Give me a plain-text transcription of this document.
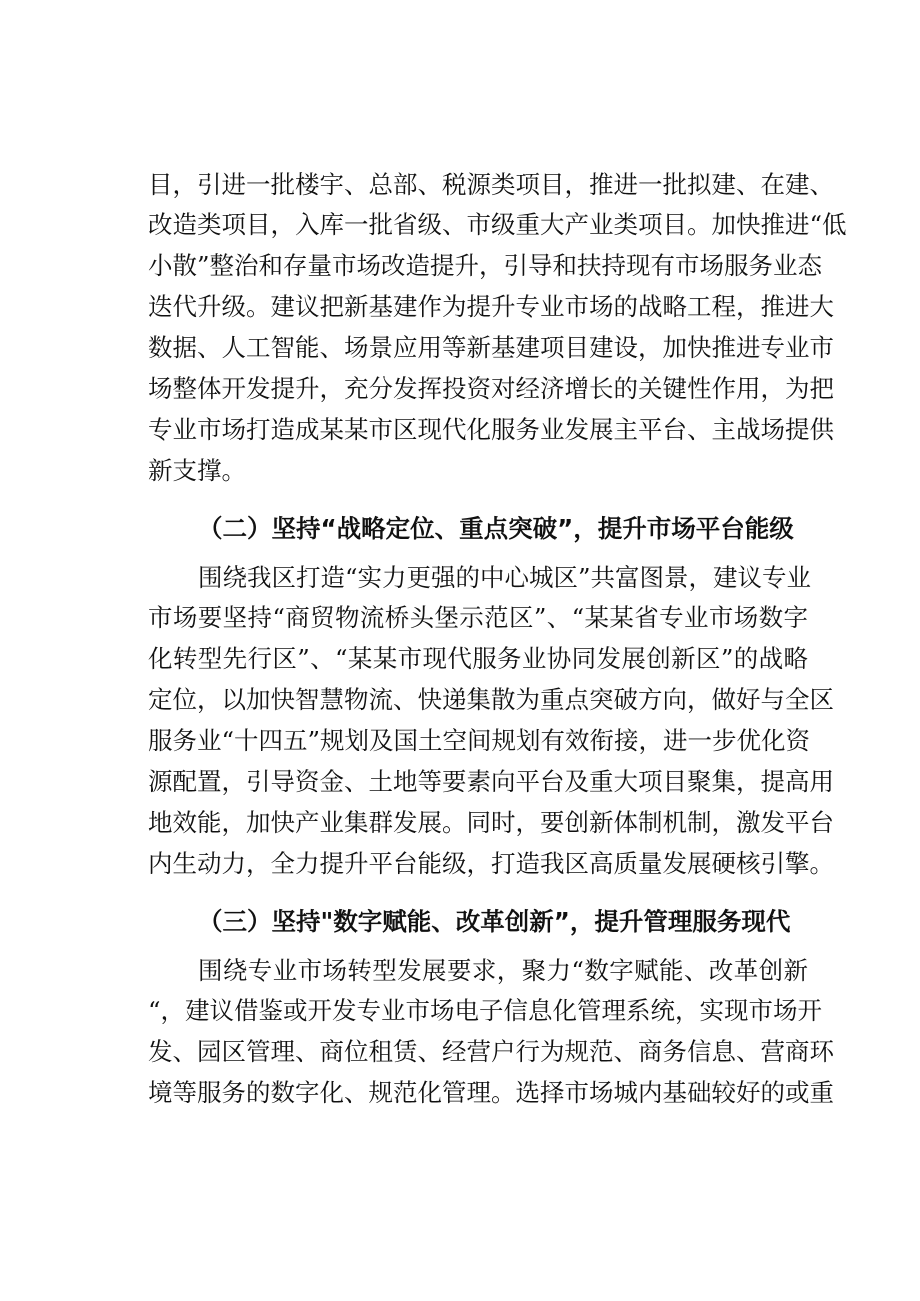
目，引进一批楼宇、总部、税源类项目，推进一批拟建、在建、
改造类项目，入库一批省级、市级重大产业类项目。加快推进“低
小散”整治和存量市场改造提升，引导和扶持现有市场服务业态
迭代升级。建议把新基建作为提升专业市场的战略工程，推进大
数据、人工智能、场景应用等新基建项目建设，加快推进专业市
场整体开发提升，充分发挥投资对经济增长的关键性作用，为把
专业市场打造成某某市区现代化服务业发展主平台、主战场提供
新支撑。
（二）坚持“战略定位、重点突破”，提升市场平台能级
围绕我区打造“实力更强的中心城区”共富图景，建议专业
市场要坚持“商贸物流桥头堡示范区”、“某某省专业市场数字
化转型先行区”、“某某市现代服务业协同发展创新区”的战略
定位，以加快智慧物流、快递集散为重点突破方向，做好与全区
服务业“十四五”规划及国土空间规划有效衔接，进一步优化资
源配置，引导资金、土地等要素向平台及重大项目聚集，提高用
地效能，加快产业集群发展。同时，要创新体制机制，激发平台
内生动力，全力提升平台能级，打造我区高质量发展硬核引擎。
（三）坚持"数字赋能、改革创新”，提升管理服务现代
围绕专业市场转型发展要求，聚力“数字赋能、改革创新
“，建议借鉴或开发专业市场电子信息化管理系统，实现市场开
发、园区管理、商位租赁、经营户行为规范、商务信息、营商环
境等服务的数字化、规范化管理。选择市场城内基础较好的或重
